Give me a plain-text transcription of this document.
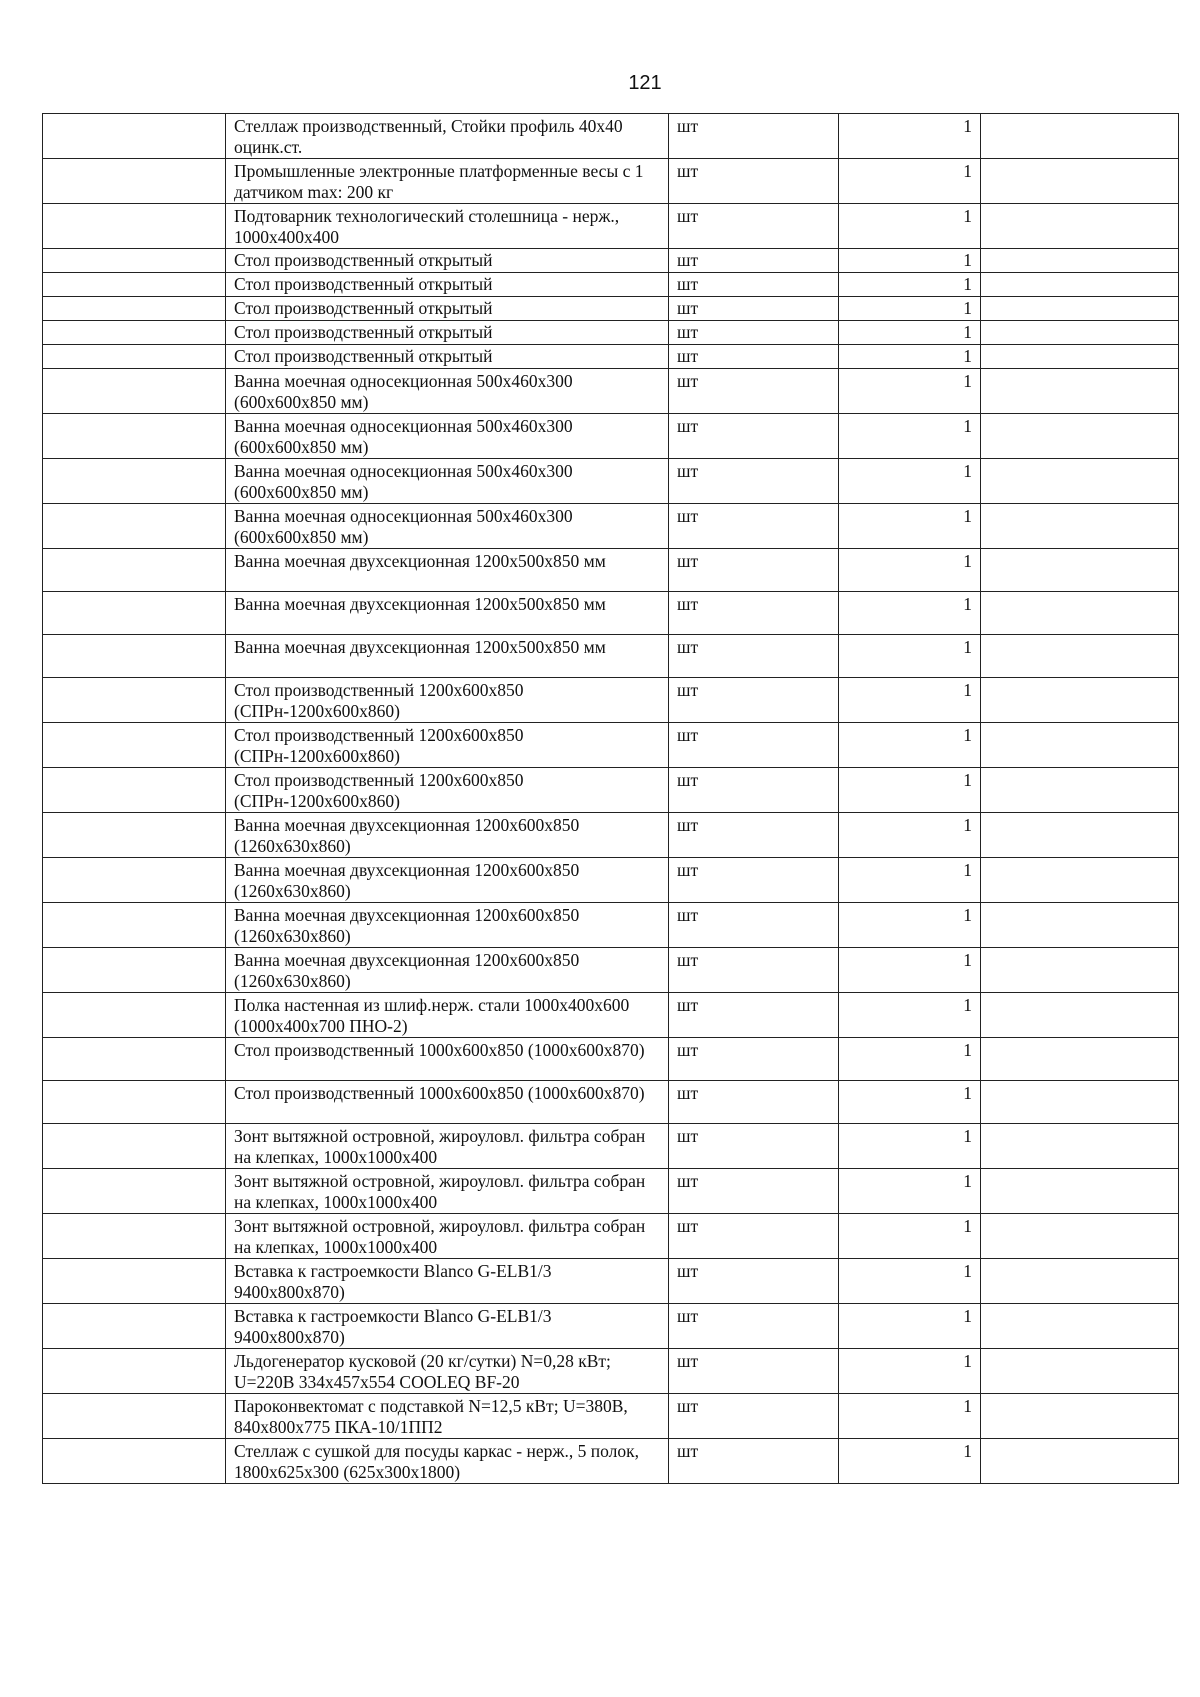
121
	Стеллаж производственный, Стойки профиль 40х40 оцинк.ст.	шт	1	
	Промышленные электронные платформенные весы с 1 датчиком max: 200 кг	шт	1	
	Подтоварник технологический столешница - нерж., 1000х400х400	шт	1	
	Стол производственный открытый	шт	1	
	Стол производственный открытый	шт	1	
	Стол производственный открытый	шт	1	
	Стол производственный открытый	шт	1	
	Стол производственный открытый	шт	1	
	Ванна моечная односекционная 500х460х300 (600х600х850 мм)	шт	1	
	Ванна моечная односекционная 500х460х300 (600х600х850 мм)	шт	1	
	Ванна моечная односекционная 500х460х300 (600х600х850 мм)	шт	1	
	Ванна моечная односекционная 500х460х300 (600х600х850 мм)	шт	1	
	Ванна моечная двухсекционная 1200х500х850 мм	шт	1	
	Ванна моечная двухсекционная 1200х500х850 мм	шт	1	
	Ванна моечная двухсекционная 1200х500х850 мм	шт	1	
	Стол производственный 1200х600х850 (СПРн-1200х600х860)	шт	1	
	Стол производственный 1200х600х850 (СПРн-1200х600х860)	шт	1	
	Стол производственный 1200х600х850 (СПРн-1200х600х860)	шт	1	
	Ванна моечная двухсекционная 1200х600х850 (1260х630х860)	шт	1	
	Ванна моечная двухсекционная 1200х600х850 (1260х630х860)	шт	1	
	Ванна моечная двухсекционная 1200х600х850 (1260х630х860)	шт	1	
	Ванна моечная двухсекционная 1200х600х850 (1260х630х860)	шт	1	
	Полка настенная из шлиф.нерж. стали 1000х400х600 (1000х400х700 ПНО-2)	шт	1	
	Стол производственный 1000х600х850 (1000х600х870)	шт	1	
	Стол производственный 1000х600х850 (1000х600х870)	шт	1	
	Зонт вытяжной островной, жироуловл. фильтра собран на клепках, 1000х1000х400	шт	1	
	Зонт вытяжной островной, жироуловл. фильтра собран на клепках, 1000х1000х400	шт	1	
	Зонт вытяжной островной, жироуловл. фильтра собран на клепках, 1000х1000х400	шт	1	
	Вставка к гастроемкости Blanco G-ELB1/3 9400х800х870)	шт	1	
	Вставка к гастроемкости Blanco G-ELB1/3 9400х800х870)	шт	1	
	Льдогенератор кусковой (20 кг/сутки) N=0,28 кВт; U=220В 334х457х554 COOLEQ BF-20	шт	1	
	Пароконвектомат с подставкой N=12,5 кВт; U=380В, 840х800х775 ПКА-10/1ПП2	шт	1	
	Стеллаж с сушкой для посуды каркас - нерж., 5 полок, 1800х625х300 (625х300х1800)	шт	1	
